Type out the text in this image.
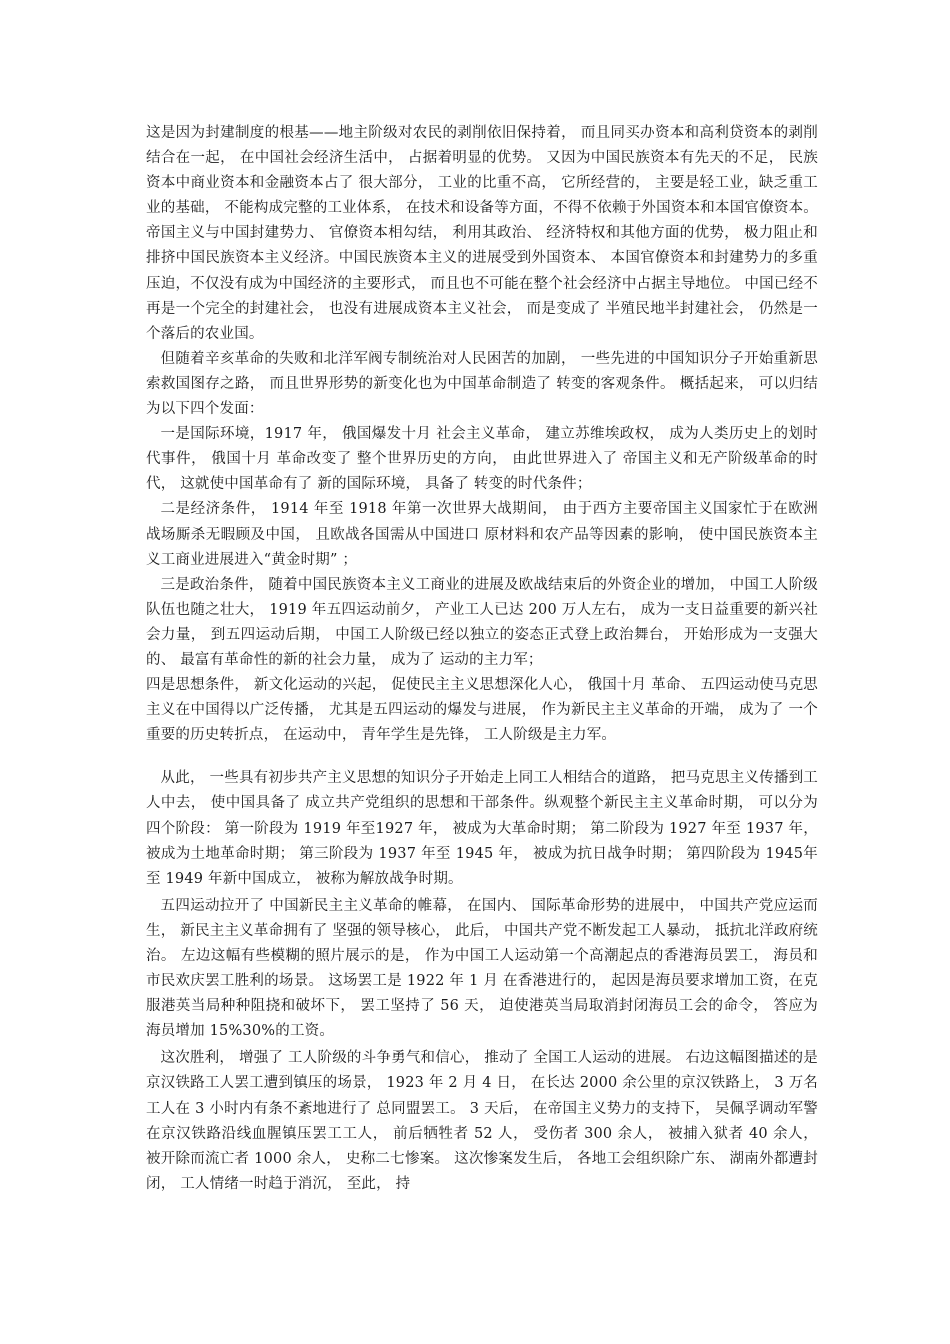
这是因为封建制度的根基——地主阶级对农民的剥削依旧保持着， 而且同买办资本和高利贷资本的剥削结合在一起， 在中国社会经济生活中， 占据着明显的优势。 又因为中国民族资本有先天的不足， 民族资本中商业资本和金融资本占了 很大部分， 工业的比重不高， 它所经营的， 主要是轻工业，缺乏重工业的基础， 不能构成完整的工业体系， 在技术和设备等方面，不得不依赖于外国资本和本国官僚资本。 帝国主义与中国封建势力、 官僚资本相勾结， 利用其政治、 经济特权和其他方面的优势， 极力阻止和排挤中国民族资本主义经济。中国民族资本主义的进展受到外国资本、 本国官僚资本和封建势力的多重压迫，不仅没有成为中国经济的主要形式， 而且也不可能在整个社会经济中占据主导地位。 中国已经不再是一个完全的封建社会， 也没有进展成资本主义社会， 而是变成了 半殖民地半封建社会， 仍然是一个落后的农业国。

但随着辛亥革命的失败和北洋军阀专制统治对人民困苦的加剧， 一些先进的中国知识分子开始重新思索救国图存之路， 而且世界形势的新变化也为中国革命制造了 转变的客观条件。 概括起来， 可以归结为以下四个发面：

一是国际环境，1917 年， 俄国爆发十月 社会主义革命， 建立苏维埃政权， 成为人类历史上的划时代事件， 俄国十月 革命改变了 整个世界历史的方向， 由此世界进入了 帝国主义和无产阶级革命的时代， 这就使中国革命有了 新的国际环境， 具备了 转变的时代条件；

二是经济条件， 1914 年至 1918 年第一次世界大战期间， 由于西方主要帝国主义国家忙于在欧洲战场厮杀无暇顾及中国， 且欧战各国需从中国进口 原材料和农产品等因素的影响， 使中国民族资本主义工商业进展进入“黄金时期” ；

三是政治条件， 随着中国民族资本主义工商业的进展及欧战结束后的外资企业的增加， 中国工人阶级队伍也随之壮大， 1919 年五四运动前夕， 产业工人已达 200 万人左右， 成为一支日益重要的新兴社会力量， 到五四运动后期， 中国工人阶级已经以独立的姿态正式登上政治舞台， 开始形成为一支强大的、 最富有革命性的新的社会力量， 成为了 运动的主力军；

四是思想条件， 新文化运动的兴起， 促使民主主义思想深化人心， 俄国十月 革命、 五四运动使马克思主义在中国得以广泛传播， 尤其是五四运动的爆发与进展， 作为新民主主义革命的开端， 成为了 一个重要的历史转折点， 在运动中， 青年学生是先锋， 工人阶级是主力军。

从此， 一些具有初步共产主义思想的知识分子开始走上同工人相结合的道路， 把马克思主义传播到工人中去， 使中国具备了 成立共产党组织的思想和干部条件。纵观整个新民主主义革命时期， 可以分为四个阶段： 第一阶段为 1919 年至1927 年， 被成为大革命时期； 第二阶段为 1927 年至 1937 年， 被成为土地革命时期； 第三阶段为 1937 年至 1945 年， 被成为抗日战争时期； 第四阶段为 1945年至 1949 年新中国成立， 被称为解放战争时期。

五四运动拉开了 中国新民主主义革命的帷幕， 在国内、 国际革命形势的进展中， 中国共产党应运而生， 新民主主义革命拥有了 坚强的领导核心， 此后， 中国共产党不断发起工人暴动， 抵抗北洋政府统治。 左边这幅有些模糊的照片展示的是， 作为中国工人运动第一个高潮起点的香港海员罢工， 海员和市民欢庆罢工胜利的场景。 这场罢工是 1922 年 1 月 在香港进行的， 起因是海员要求增加工资，在克服港英当局种种阻挠和破坏下， 罢工坚持了 56 天， 迫使港英当局取消封闭海员工会的命令， 答应为海员增加 15%30%的工资。

这次胜利， 增强了 工人阶级的斗争勇气和信心， 推动了 全国工人运动的进展。 右边这幅图描述的是京汉铁路工人罢工遭到镇压的场景， 1923 年 2 月 4 日， 在长达 2000 余公里的京汉铁路上， 3 万名工人在 3 小时内有条不紊地进行了 总同盟罢工。 3 天后， 在帝国主义势力的支持下， 吴佩孚调动军警在京汉铁路沿线血腥镇压罢工工人， 前后牺牲者 52 人， 受伤者 300 余人， 被捕入狱者 40 余人， 被开除而流亡者 1000 余人， 史称二七惨案。 这次惨案发生后， 各地工会组织除广东、 湖南外都遭封闭， 工人情绪一时趋于消沉， 至此， 持
